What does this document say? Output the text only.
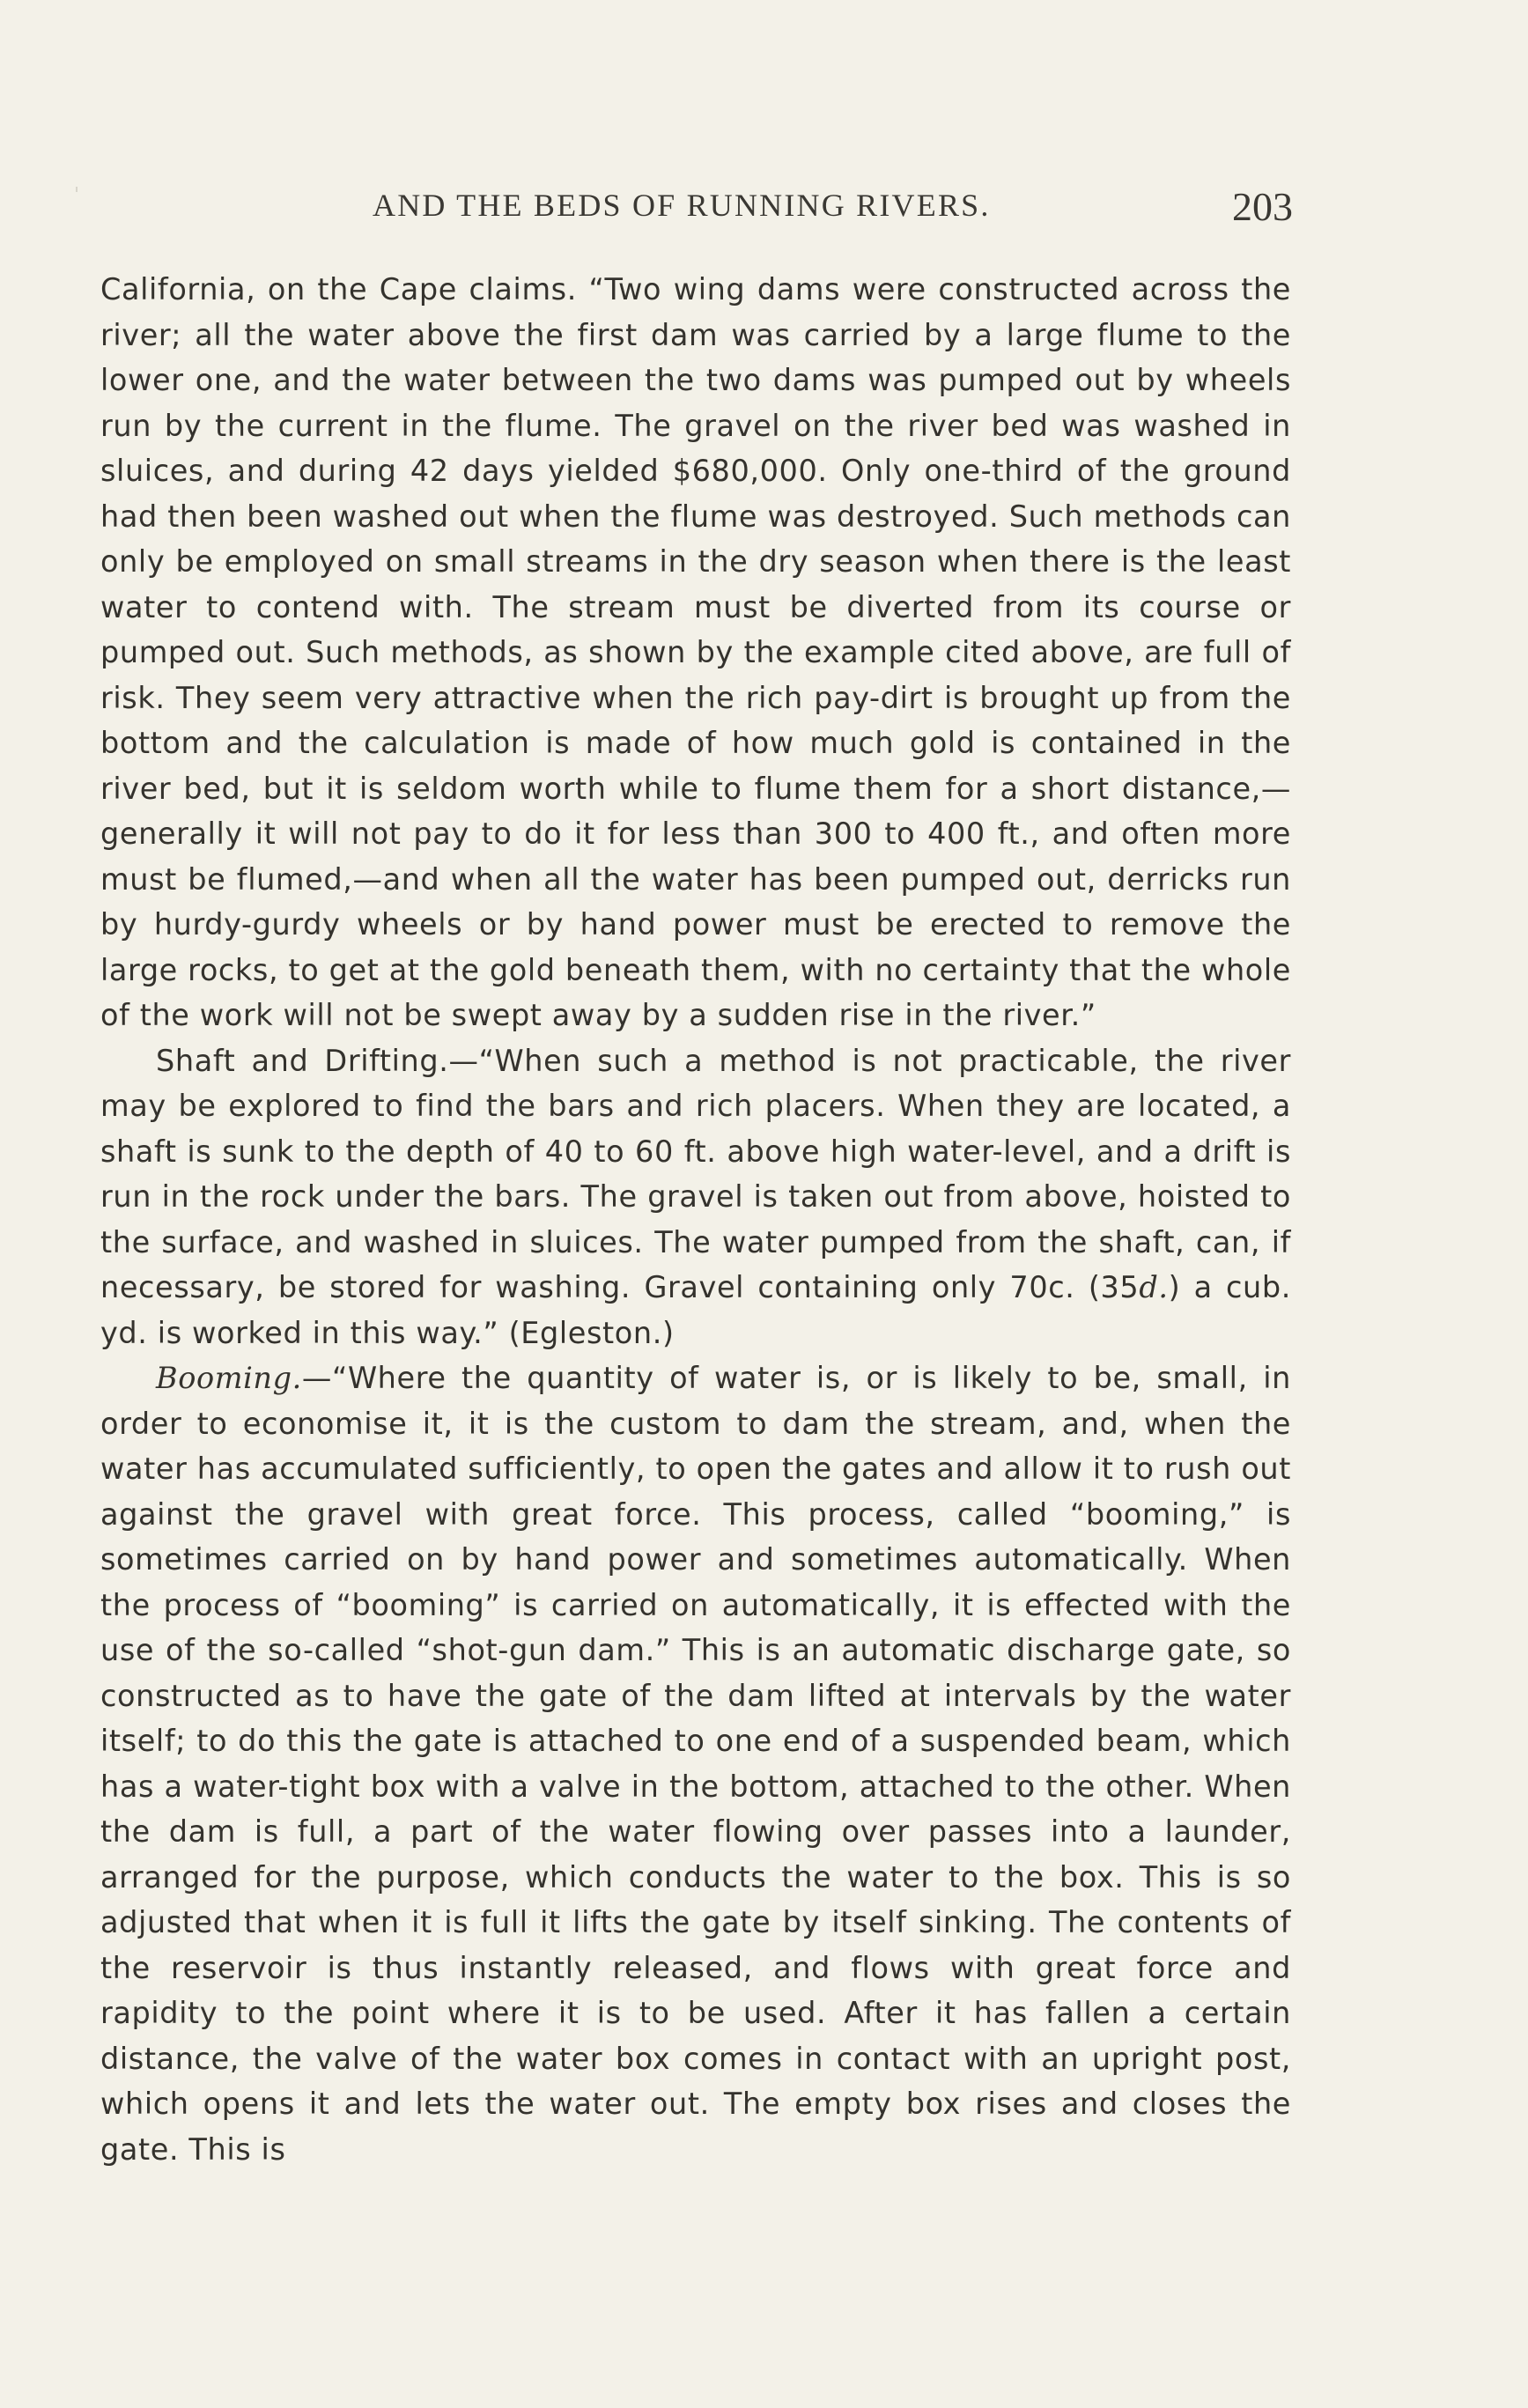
AND THE BEDS OF RUNNING RIVERS.	203

California, on the Cape claims. “Two wing dams were constructed across the river; all the water above the first dam was carried by a large flume to the lower one, and the water between the two dams was pumped out by wheels run by the current in the flume. The gravel on the river bed was washed in sluices, and during 42 days yielded $680,000. Only one-third of the ground had then been washed out when the flume was destroyed. Such methods can only be employed on small streams in the dry season when there is the least water to contend with. The stream must be diverted from its course or pumped out. Such methods, as shown by the example cited above, are full of risk. They seem very attractive when the rich pay-dirt is brought up from the bottom and the calculation is made of how much gold is contained in the river bed, but it is seldom worth while to flume them for a short distance,—generally it will not pay to do it for less than 300 to 400 ft., and often more must be flumed,—and when all the water has been pumped out, derricks run by hurdy-gurdy wheels or by hand power must be erected to remove the large rocks, to get at the gold beneath them, with no certainty that the whole of the work will not be swept away by a sudden rise in the river.”

Shaft and Drifting.—“When such a method is not practicable, the river may be explored to find the bars and rich placers. When they are located, a shaft is sunk to the depth of 40 to 60 ft. above high water-level, and a drift is run in the rock under the bars. The gravel is taken out from above, hoisted to the surface, and washed in sluices. The water pumped from the shaft, can, if necessary, be stored for washing. Gravel containing only 70c. (35d.) a cub. yd. is worked in this way.” (Egleston.)

Booming.—“Where the quantity of water is, or is likely to be, small, in order to economise it, it is the custom to dam the stream, and, when the water has accumulated sufficiently, to open the gates and allow it to rush out against the gravel with great force. This process, called “booming,” is sometimes carried on by hand power and sometimes automatically. When the process of “booming” is carried on automatically, it is effected with the use of the so-called “shot-gun dam.” This is an automatic discharge gate, so constructed as to have the gate of the dam lifted at intervals by the water itself; to do this the gate is attached to one end of a suspended beam, which has a water-tight box with a valve in the bottom, attached to the other. When the dam is full, a part of the water flowing over passes into a launder, arranged for the purpose, which conducts the water to the box. This is so adjusted that when it is full it lifts the gate by itself sinking. The contents of the reservoir is thus instantly released, and flows with great force and rapidity to the point where it is to be used. After it has fallen a certain distance, the valve of the water box comes in contact with an upright post, which opens it and lets the water out. The empty box rises and closes the gate. This is
